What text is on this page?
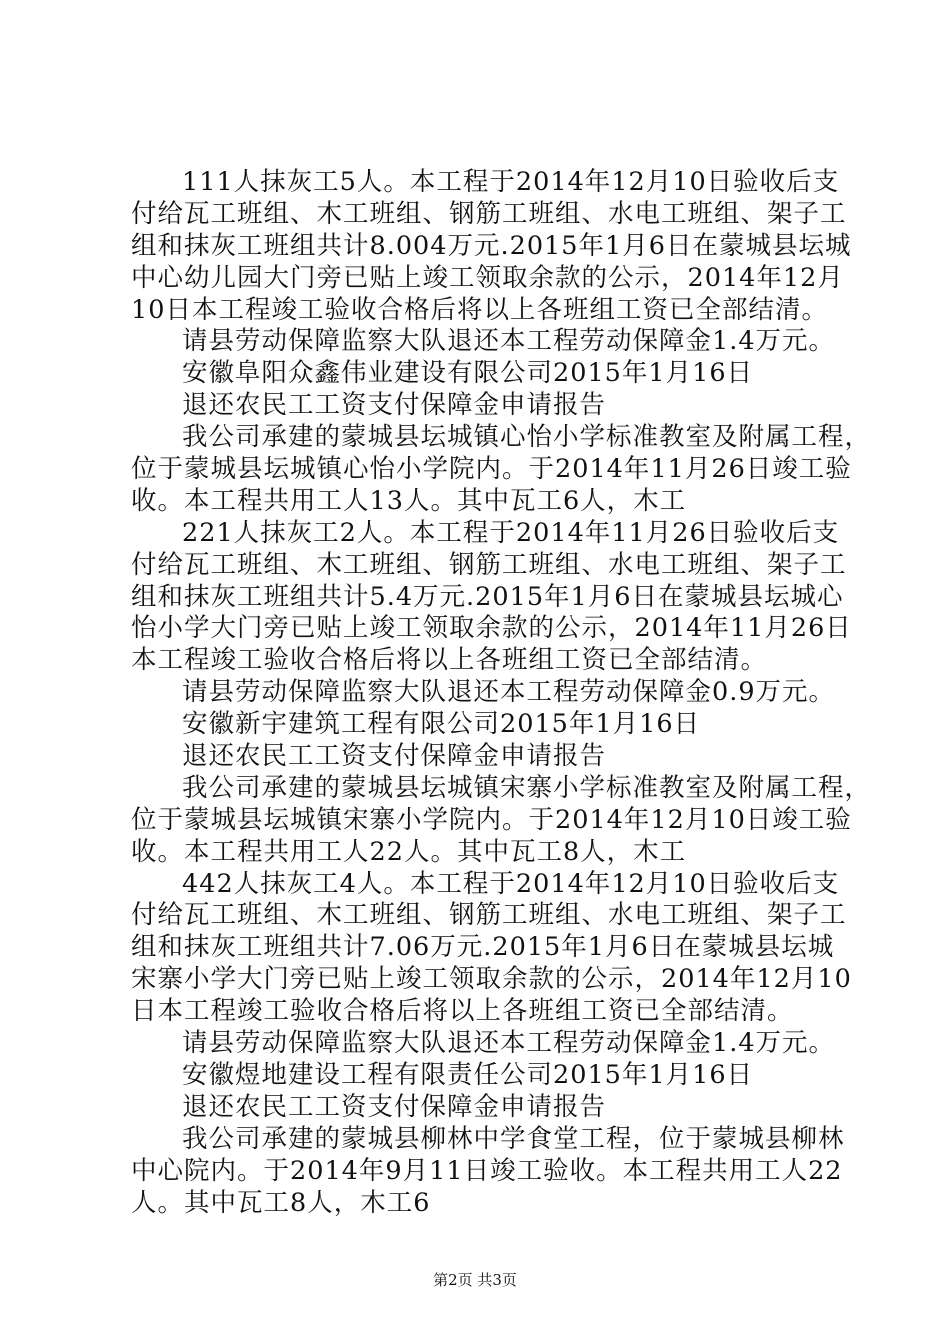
111人抹灰工5人。本工程于2014年12月10日验收后支
付给瓦工班组、木工班组、钢筋工班组、水电工班组、架子工
组和抹灰工班组共计8.004万元.2015年1月6日在蒙城县坛城
中心幼儿园大门旁已贴上竣工领取余款的公示，2014年12月
10日本工程竣工验收合格后将以上各班组工资已全部结清。
请县劳动保障监察大队退还本工程劳动保障金1.4万元。
安徽阜阳众鑫伟业建设有限公司2015年1月16日
退还农民工工资支付保障金申请报告
我公司承建的蒙城县坛城镇心怡小学标准教室及附属工程，
位于蒙城县坛城镇心怡小学院内。于2014年11月26日竣工验
收。本工程共用工人13人。其中瓦工6人，木工
221人抹灰工2人。本工程于2014年11月26日验收后支
付给瓦工班组、木工班组、钢筋工班组、水电工班组、架子工
组和抹灰工班组共计5.4万元.2015年1月6日在蒙城县坛城心
怡小学大门旁已贴上竣工领取余款的公示，2014年11月26日
本工程竣工验收合格后将以上各班组工资已全部结清。
请县劳动保障监察大队退还本工程劳动保障金0.9万元。
安徽新宇建筑工程有限公司2015年1月16日
退还农民工工资支付保障金申请报告
我公司承建的蒙城县坛城镇宋寨小学标准教室及附属工程，
位于蒙城县坛城镇宋寨小学院内。于2014年12月10日竣工验
收。本工程共用工人22人。其中瓦工8人，木工
442人抹灰工4人。本工程于2014年12月10日验收后支
付给瓦工班组、木工班组、钢筋工班组、水电工班组、架子工
组和抹灰工班组共计7.06万元.2015年1月6日在蒙城县坛城
宋寨小学大门旁已贴上竣工领取余款的公示，2014年12月10
日本工程竣工验收合格后将以上各班组工资已全部结清。
请县劳动保障监察大队退还本工程劳动保障金1.4万元。
安徽煜地建设工程有限责任公司2015年1月16日
退还农民工工资支付保障金申请报告
我公司承建的蒙城县柳林中学食堂工程，位于蒙城县柳林
中心院内。于2014年9月11日竣工验收。本工程共用工人22
人。其中瓦工8人，木工6
第2页 共3页
